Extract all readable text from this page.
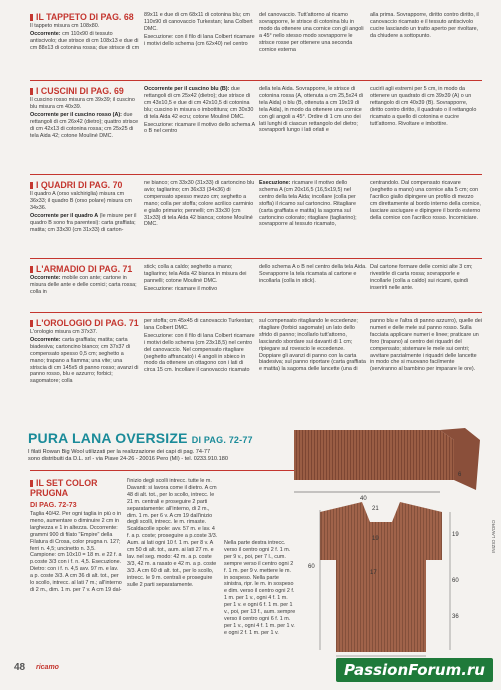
IL TAPPETO DI PAG. 68

Il tappeto misura cm 108x80.

Occorrente: cm 110x90 di tessuto antiscivolo; due strisce di cm 108x13 e due di cm 88x13 di cotonina rossa; due strisce di cm

89x11 e due di cm 68x11 di cotonina blu; cm 110x90 di canovaccio Turkestan; lana Colbert DMC.

Esecuzione: con il filo di lana Colbert ricamare i motivi dello schema (cm 62x40) nel centro

del canovaccio. Tutt'attorno al ricamo sovrapporre, le strisce di cotonina blu in modo da ottenere una cornice con gli angoli a 45° nello stesso modo sovrapporre le strisce rosse per ottenere una seconda cornice esterna

alla prima. Sovrapporre, diritto contro diritto, il canovaccio ricamato e il tessuto antiscivolo cucire lasciando un tratto aperto per rivoltare, da chiudere a sottopunto.

I CUSCINI DI PAG. 69

Il cuscino rosso misura cm 39x39; il cuscino blu misura cm 40x39.

Occorrente per il cuscino rosso (A): due rettangoli di cm 26x42 (dietro); quattro strisce di cm 42x13 di cotonina rossa; cm 25x25 di tela Aida 42; cotone Mouliné DMC.

Occorrente per il cuscino blu (B): due rettangoli di cm 25x42 (dietro); due strisce di cm 43x10,5 e due di cm 42x10,5 di cotonina blu; cuscino in misura o imbottitura; cm 30x30 di tela Aida 42 ecru; cotone Mouliné DMC.

Esecuzione: ricamare il motivo dello schema A o B nel centro

della tela Aida. Sovrapporre, le strisce di cotonina rossa (A, ottenuta a cm 25,5x24 di tela Aida) o blu (B, ottenuta a cm 19x19 di tela Aida), in modo da ottenere una cornice con gli angoli a 45°. Ordire di 1 cm uno dei lati lunghi di ciascun rettangolo del dietro; sovrapporli lungo i lati orlati e

cucirli agli estremi per 5 cm, in modo da ottenere un quadrato di cm 39x39 (A) o un rettangolo di cm 40x39 (B). Sovrapporre, diritto contro diritto, il quadrato o il rettangolo ricamato a quello di cotonina e cucire tutt'attorno. Rivoltare e imbottire.

I QUADRI DI PAG. 70

Il quadro A (orso valchiriglia) misura cm 36x33; il quadro B (orso polare) misura cm 34x36.

Occorrente per il quadro A (le misure per il quadro B sono fra parentesi): carta graffiata; matita; cm 33x30 (cm 31x33) di carton-

ne bianco; cm 33x30 (31x33) di cartoncino blu avio; tagliarino; cm 36x33 (34x36) di compensato spesso mezzo cm; seghetto a mano; colla per stoffa; colore acrilico carminio e giallo primario; pennelli; cm 33x30 (cm 31x33) di tela Aida 42 bianca; cotone Mouliné DMC.

Esecuzione: ricamare il motivo dello schema A (cm 20x16,5 (16,5x19,5) nel centro della tela Aida; incollare (colla per stoffa) il ricamo sul cartoncino. Ritagliare (carta graffiata e matita) la sagoma sul cartoncino colorato; ritagliare (tagliarino); sovrapporre al tessuto ricamato,

centrandolo. Dal compensato ricavare (seghetto a mano) una cornice alta 5 cm; con l'acrilico giallo dipingere un profilo di mezzo cm direttamente al bordo interno della cornice, lasciare asciugare e dipingere il bordo esterno della cornice con l'acrilico rosso. Incorniciare.

L'ARMADIO DI PAG. 71

Occorrente: mobile con ante; cartone in misura delle ante e delle cornici; carta rossa; colla in

stick; colla a caldo; seghetto a mano; tagliarino; tela Aida 42 bianca in misura dei pannelli; cotone Mouliné DMC.

Esecuzione: ricamare il motivo

dello schema A o B nel centro della tela Aida. Sovrapporre la tela ricamata al cartone e incollarla (colla in stick).

Dal cartone formare delle cornici alte 3 cm; rivestirle di carta rossa; sovrapporle e incollarle (colla a caldo) sui ricami, quindi inserirli nelle ante.

L'OROLOGIO DI PAG. 71

L'orologio misura cm 37x37.

Occorrente: carta graffiata; matita; carta biadesiva; cartoncino bianco; cm 37x37 di compensato spesso 0,5 cm; seghetto a mano; trapano a fiamma; una vite; una striscia di cm 145x5 di panno rosso; avanzi di panno rosso, blu e azzurro; forbici; sagomatore; colla

per stoffa; cm 45x45 di canovaccio Turkestan; lana Colbert DMC.

Esecuzione: con il filo di lana Colbert ricamare i motivi dello schema (cm 23x18,5) nel centro del canovaccio. Nel compensato ritagliare (seghetto affrancato) i 4 angoli in sbieco in modo da ottenere un ottagono con i lati di circa 15 cm. Incollare il canovaccio ricamato

sul compensato ritagliando le eccedenze; ritagliare (forbici sagomate) un lato dello sfrido di panno; incollarlo tutt'attorno, lasciando sbordare sui davanti di 1 cm; ripiegare sul rovescio le eccedenze. Doppiare gli avanzi di panno con la carta biadesiva; sul panno riportare (carta graffiata e matita) la sagoma delle lancette (una di

panno blu e l'altra di panno azzurro), quelle dei numeri e delle mele sul panno rosso. Sulla facciata applicare numeri e linee; praticare un foro (trapano) al centro dei riquadri del compensato; sistemare le mele sui centri; avvitare parzialmente i riquadri delle lancette in modo che si muovano facilmente (serviranno al bambino per imparare le ore).

PURA LANA OVERSIZE DI PAG. 72-77
I filati Rowan Big Wool utilizzati per la realizzazione dei capi di pag. 74-77
sono distribuiti da D.L. srl - via Piave 24-26 - 20016 Pero (MI) - tel. 0233.910.180
40
6
21
19
19
60
60
17
36
INIZIO LAVORO
IL SET COLOR PRUGNA
DI PAG. 72-73

Taglia 40/42. Per ogni taglia in più o in meno, aumentare o diminuire 2 cm in larghezza e 1 in altezza. Occorrente: grammi 900 di filato "Empire" della Filatura di Crosa, color prugna n. 127; ferri n. 4,5; uncinetto n. 3,5. Campione: cm 10x10 = 18 m. e 22 f. a p.coste 3/3 con i f. n. 4,5. Esecuzione. Dietro: con i f. n. 4,5 avv. 97 m. e lav. a p. coste 3/3. A cm 36 di alt. tot., per lo scollo, intrecc. al lati 7 m.; all'interno di 2 m., dim. 1 m. per 7 v. A cm 19 dal-

l'inizio degli scolli intrecc. tutte le m. Davanti: si lavora come il dietro. A cm 48 di alt. tot., per lo scollo, intrecc. le 21 m. centrali e proseguire 2 parti separatamente: all'interno, di 2 m., dim. 1 m. per 6 v. A cm 19 dall'inizio degli scolli, intrecc. le m. rimaste. Scaldacolle spole: avv. 57 m. e lav. 4 f. a p. coste; proseguire a p.coste 3/3. Aum. ai lati ogni 10 f. 1 m. per 8 v. A cm 50 di alt. tot., aum. ai lati 27 m. e lav. nel seg. modo: 42 m. a p. coste 3/3, 42 m. a rasato e 42 m. a p. coste 3/3. A cm 60 di alt. tot., per lo scollo, intrecc. le 9 m. centrali e proseguire sulle 2 parti separatamente.

Nella parte destra intrecc. verso il centro ogni 2 f. 1 m. per 9 v., poi, per 7 l., cum. sempre verso il centro ogni 2 f. 1 m. per 9 v. mettere le m. in sospeso. Nella parte sinistra, ripr. le m. in sospeso e dim. verso il centro ogni 2 f. 1 m. per 1 v., ogni 4 f. 1 m. per 1 v. e ogni 6 f. 1 m. per 1 v., poi, per 13 f., aum. sempre verso il centro ogni 6 f. 1 m. per 1 v., ogni 4 f. 1 m. per 1 v. e ogni 2 f. 1 m. per 1 v.

48 ricamo	PassionForum.ru
